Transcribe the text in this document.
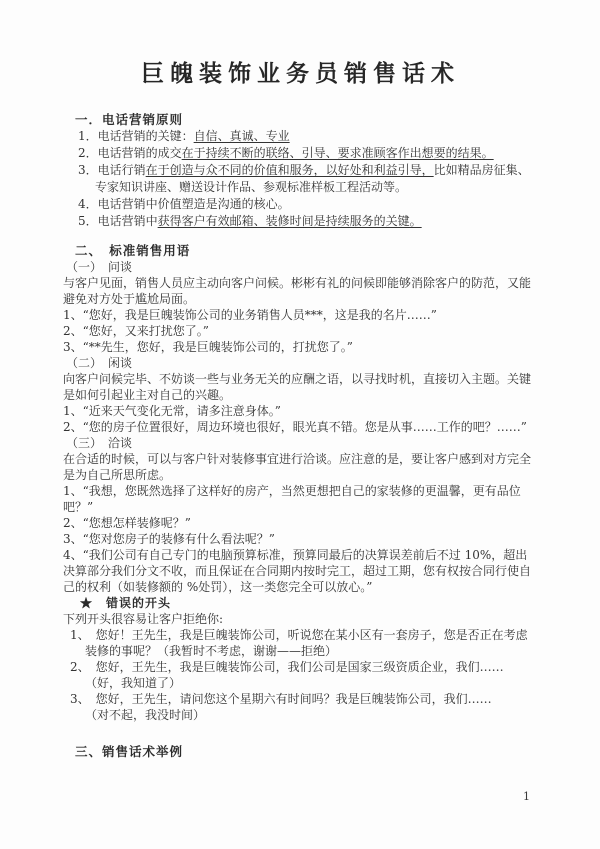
巨魄装饰业务员销售话术

一．电话营销原则

1．电话营销的关键：自信、真诚、专业

2．电话营销的成交在于持续不断的联络、引导、要求准顾客作出想要的结果。

3．电话行销在于创造与众不同的价值和服务，以好处和利益引导，比如精品房征集、专家知识讲座、赠送设计作品、参观标准样板工程活动等。

4．电话营销中价值塑造是沟通的核心。

5．电话营销中获得客户有效邮箱、装修时间是持续服务的关键。

二、　标准销售用语

（一）　问谈

与客户见面，销售人员应主动向客户问候。彬彬有礼的问候即能够消除客户的防范，又能避免对方处于尴尬局面。

1、“您好，我是巨魄装饰公司的业务销售人员***，这是我的名片……”

2、“您好，又来打扰您了。”

3、“**先生，您好，我是巨魄装饰公司的，打扰您了。”

（二）　闲谈

向客户问候完毕、不妨谈一些与业务无关的应酬之语，以寻找时机，直接切入主题。关键是如何引起业主对自己的兴趣。

1、“近来天气变化无常，请多注意身体。”

2、“您的房子位置很好，周边环境也很好，眼光真不错。您是从事……工作的吧？……”

（三）　洽谈

在合适的时候，可以与客户针对装修事宜进行洽谈。应注意的是，要让客户感到对方完全是为自己所思所虑。

1、“我想，您既然选择了这样好的房产，当然更想把自己的家装修的更温馨，更有品位吧？”

2、“您想怎样装修呢？”

3、“您对您房子的装修有什么看法呢？”

4、“我们公司有自己专门的电脑预算标准，预算同最后的决算误差前后不过 10%，超出决算部分我们分文不收，而且保证在合同期内按时完工，超过工期，您有权按合同行使自己的权利（如装修额的 %处罚），这一类您完全可以放心。”

★　错误的开头

下列开头很容易让客户拒绝你:

1、　您好！王先生，我是巨魄装饰公司，听说您在某小区有一套房子，您是否正在考虑装修的事呢？（我暂时不考虑，谢谢——拒绝）

2、　您好，王先生，我是巨魄装饰公司，我们公司是国家三级资质企业，我们……

（好，我知道了）

3、　您好，王先生，请问您这个星期六有时间吗？我是巨魄装饰公司，我们……

（对不起，我没时间）

三、销售话术举例

1
